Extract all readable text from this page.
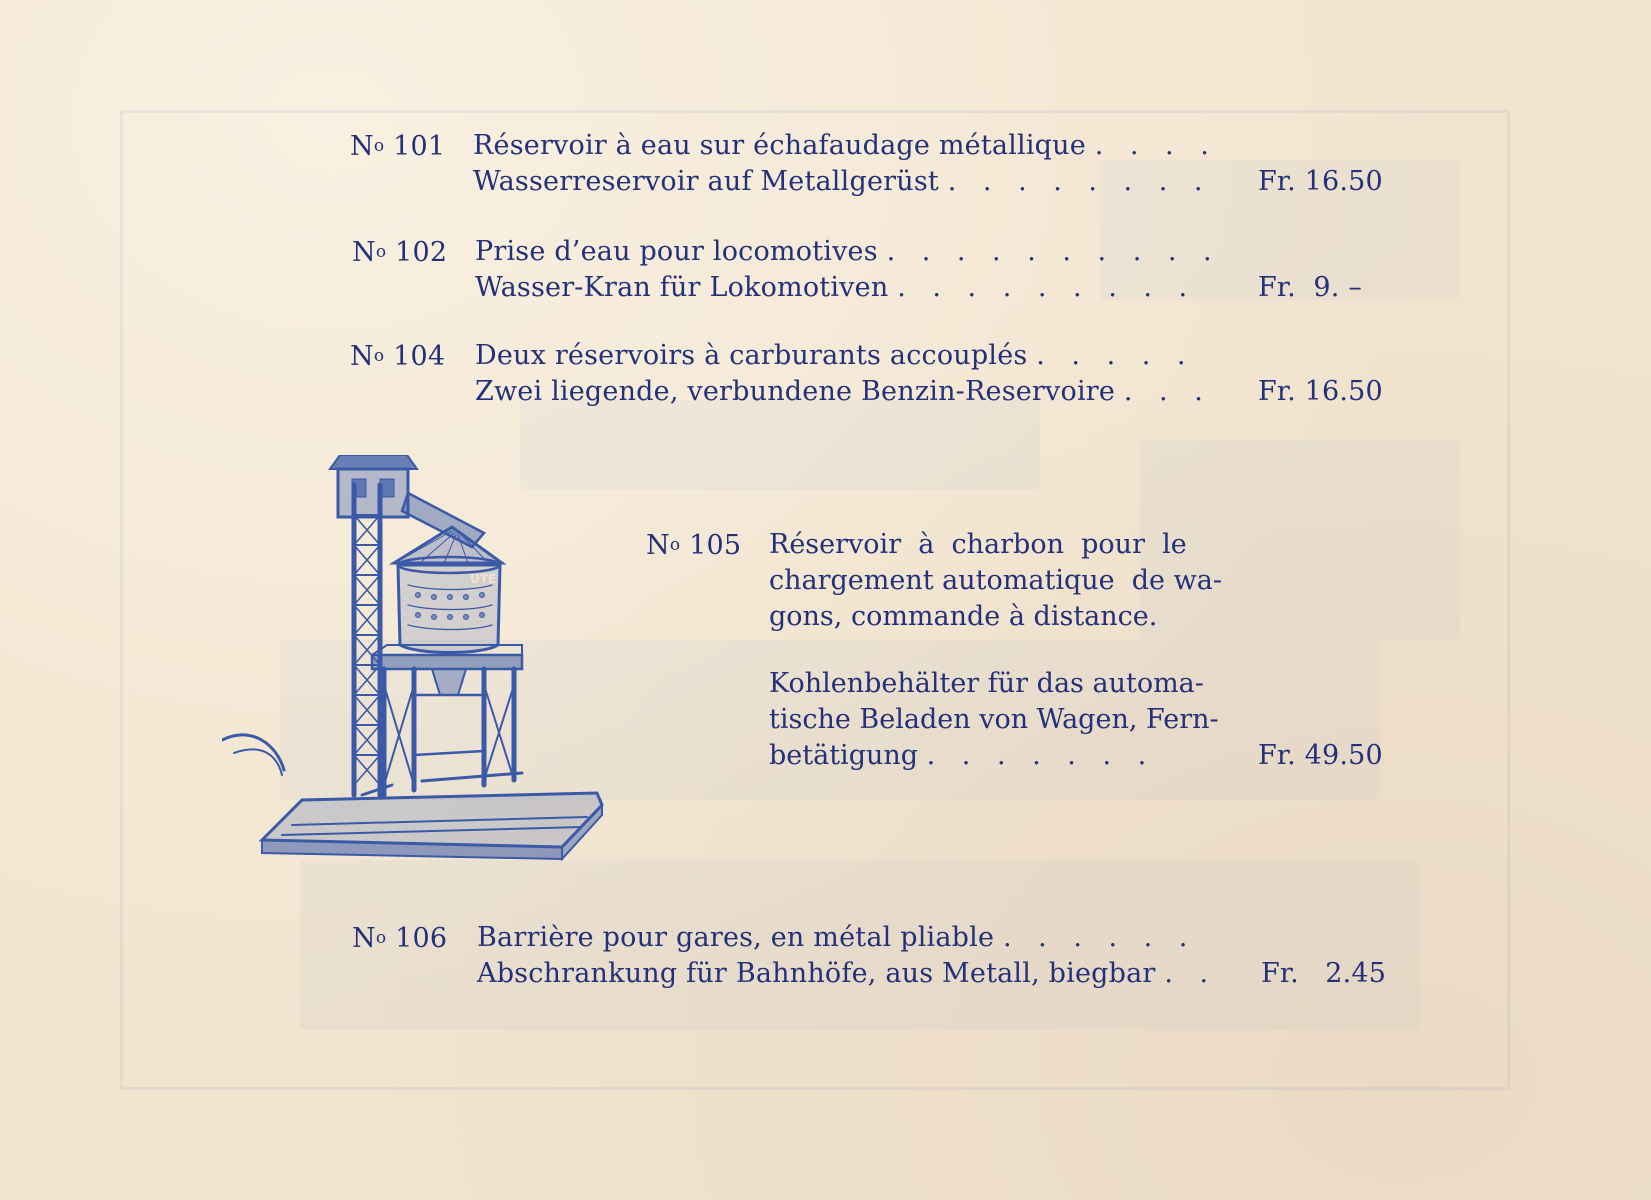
$N^o$ 101 Réservoir à eau sur échafaudage métallique . . . .
Wasserreservoir auf Metallgerüst . . . . . . . . Fr. 16.50
$N^o$ 102 Prise d’eau pour locomotives . . . . . . . . . .
Wasser-Kran für Lokomotiven . . . . . . . . . Fr.  9. –
$N^o$ 104 Deux réservoirs à carburants accouplés . . . . .
Zwei liegende, verbundene Benzin-Reservoire . . . Fr. 16.50
UTE
$N^o$ 105 Réservoir  à  charbon  pour  le
chargement automatique  de wa-
gons, commande à distance.
Kohlenbehälter für das automa-
tische Beladen von Wagen, Fern-
betätigung . . . . . . .	Fr. 49.50
$N^o$ 106 Barrière pour gares, en métal pliable . . . . . .
Abschrankung für Bahnhöfe, aus Metall, biegbar . . Fr.   2.45
